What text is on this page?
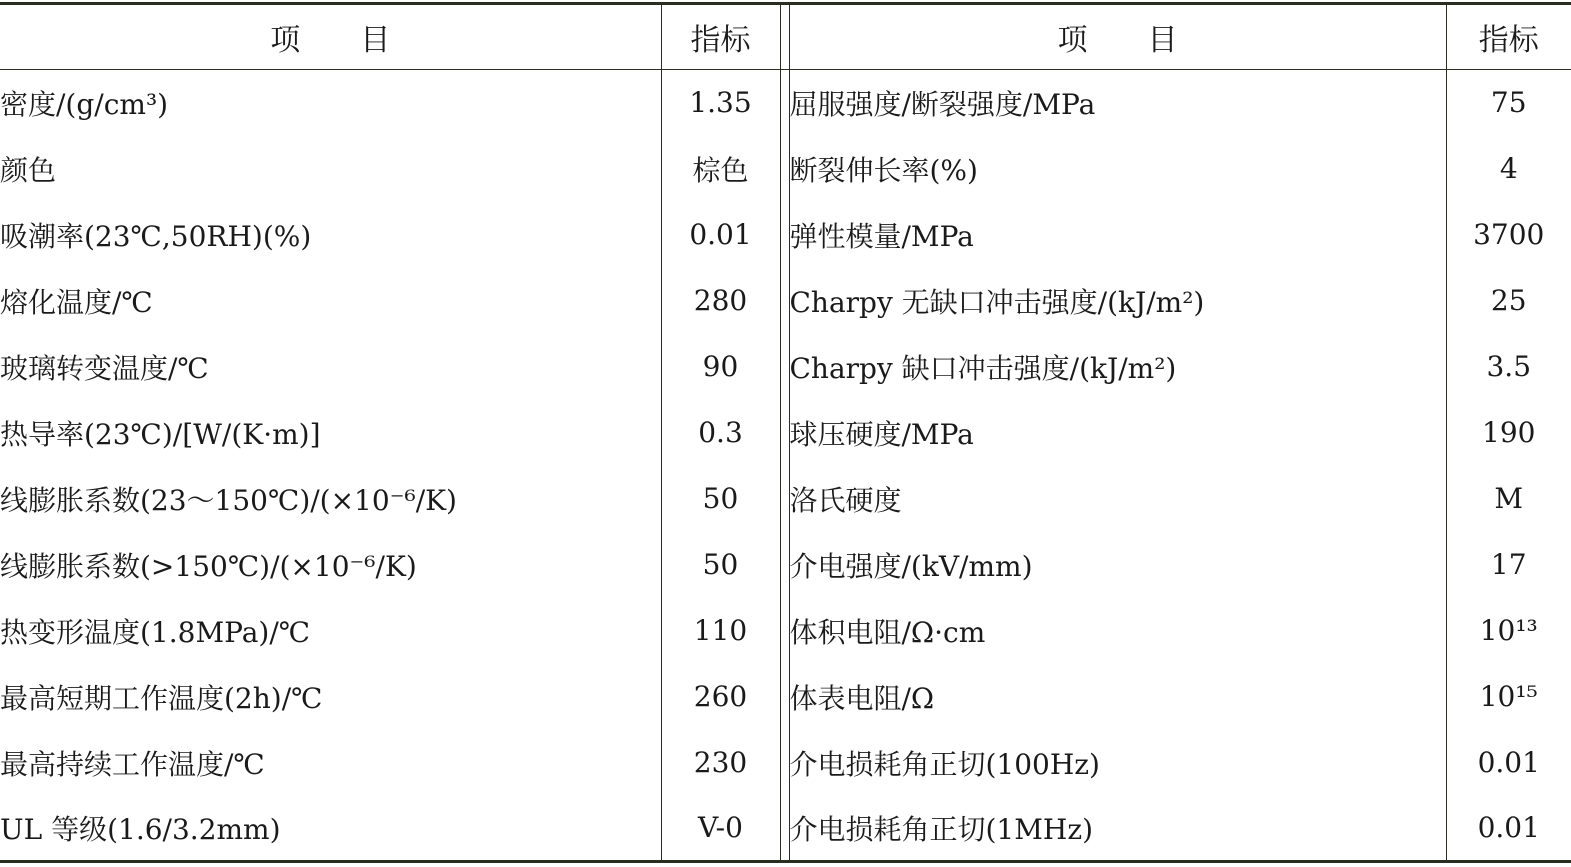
项　　目	指标		项　　目	指标
密度/(g/cm³)	1.35		屈服强度/断裂强度/MPa	75
颜色	棕色		断裂伸长率(%)	4
吸潮率(23℃,50RH)(%)	0.01		弹性模量/MPa	3700
熔化温度/℃	280		Charpy 无缺口冲击强度/(kJ/m²)	25
玻璃转变温度/℃	90		Charpy 缺口冲击强度/(kJ/m²)	3.5
热导率(23℃)/[W/(K·m)]	0.3		球压硬度/MPa	190
线膨胀系数(23～150℃)/(×10⁻⁶/K)	50		洛氏硬度	M
线膨胀系数(>150℃)/(×10⁻⁶/K)	50		介电强度/(kV/mm)	17
热变形温度(1.8MPa)/℃	110		体积电阻/Ω·cm	10¹³
最高短期工作温度(2h)/℃	260		体表电阻/Ω	10¹⁵
最高持续工作温度/℃	230		介电损耗角正切(100Hz)	0.01
UL 等级(1.6/3.2mm)	V-0		介电损耗角正切(1MHz)	0.01
